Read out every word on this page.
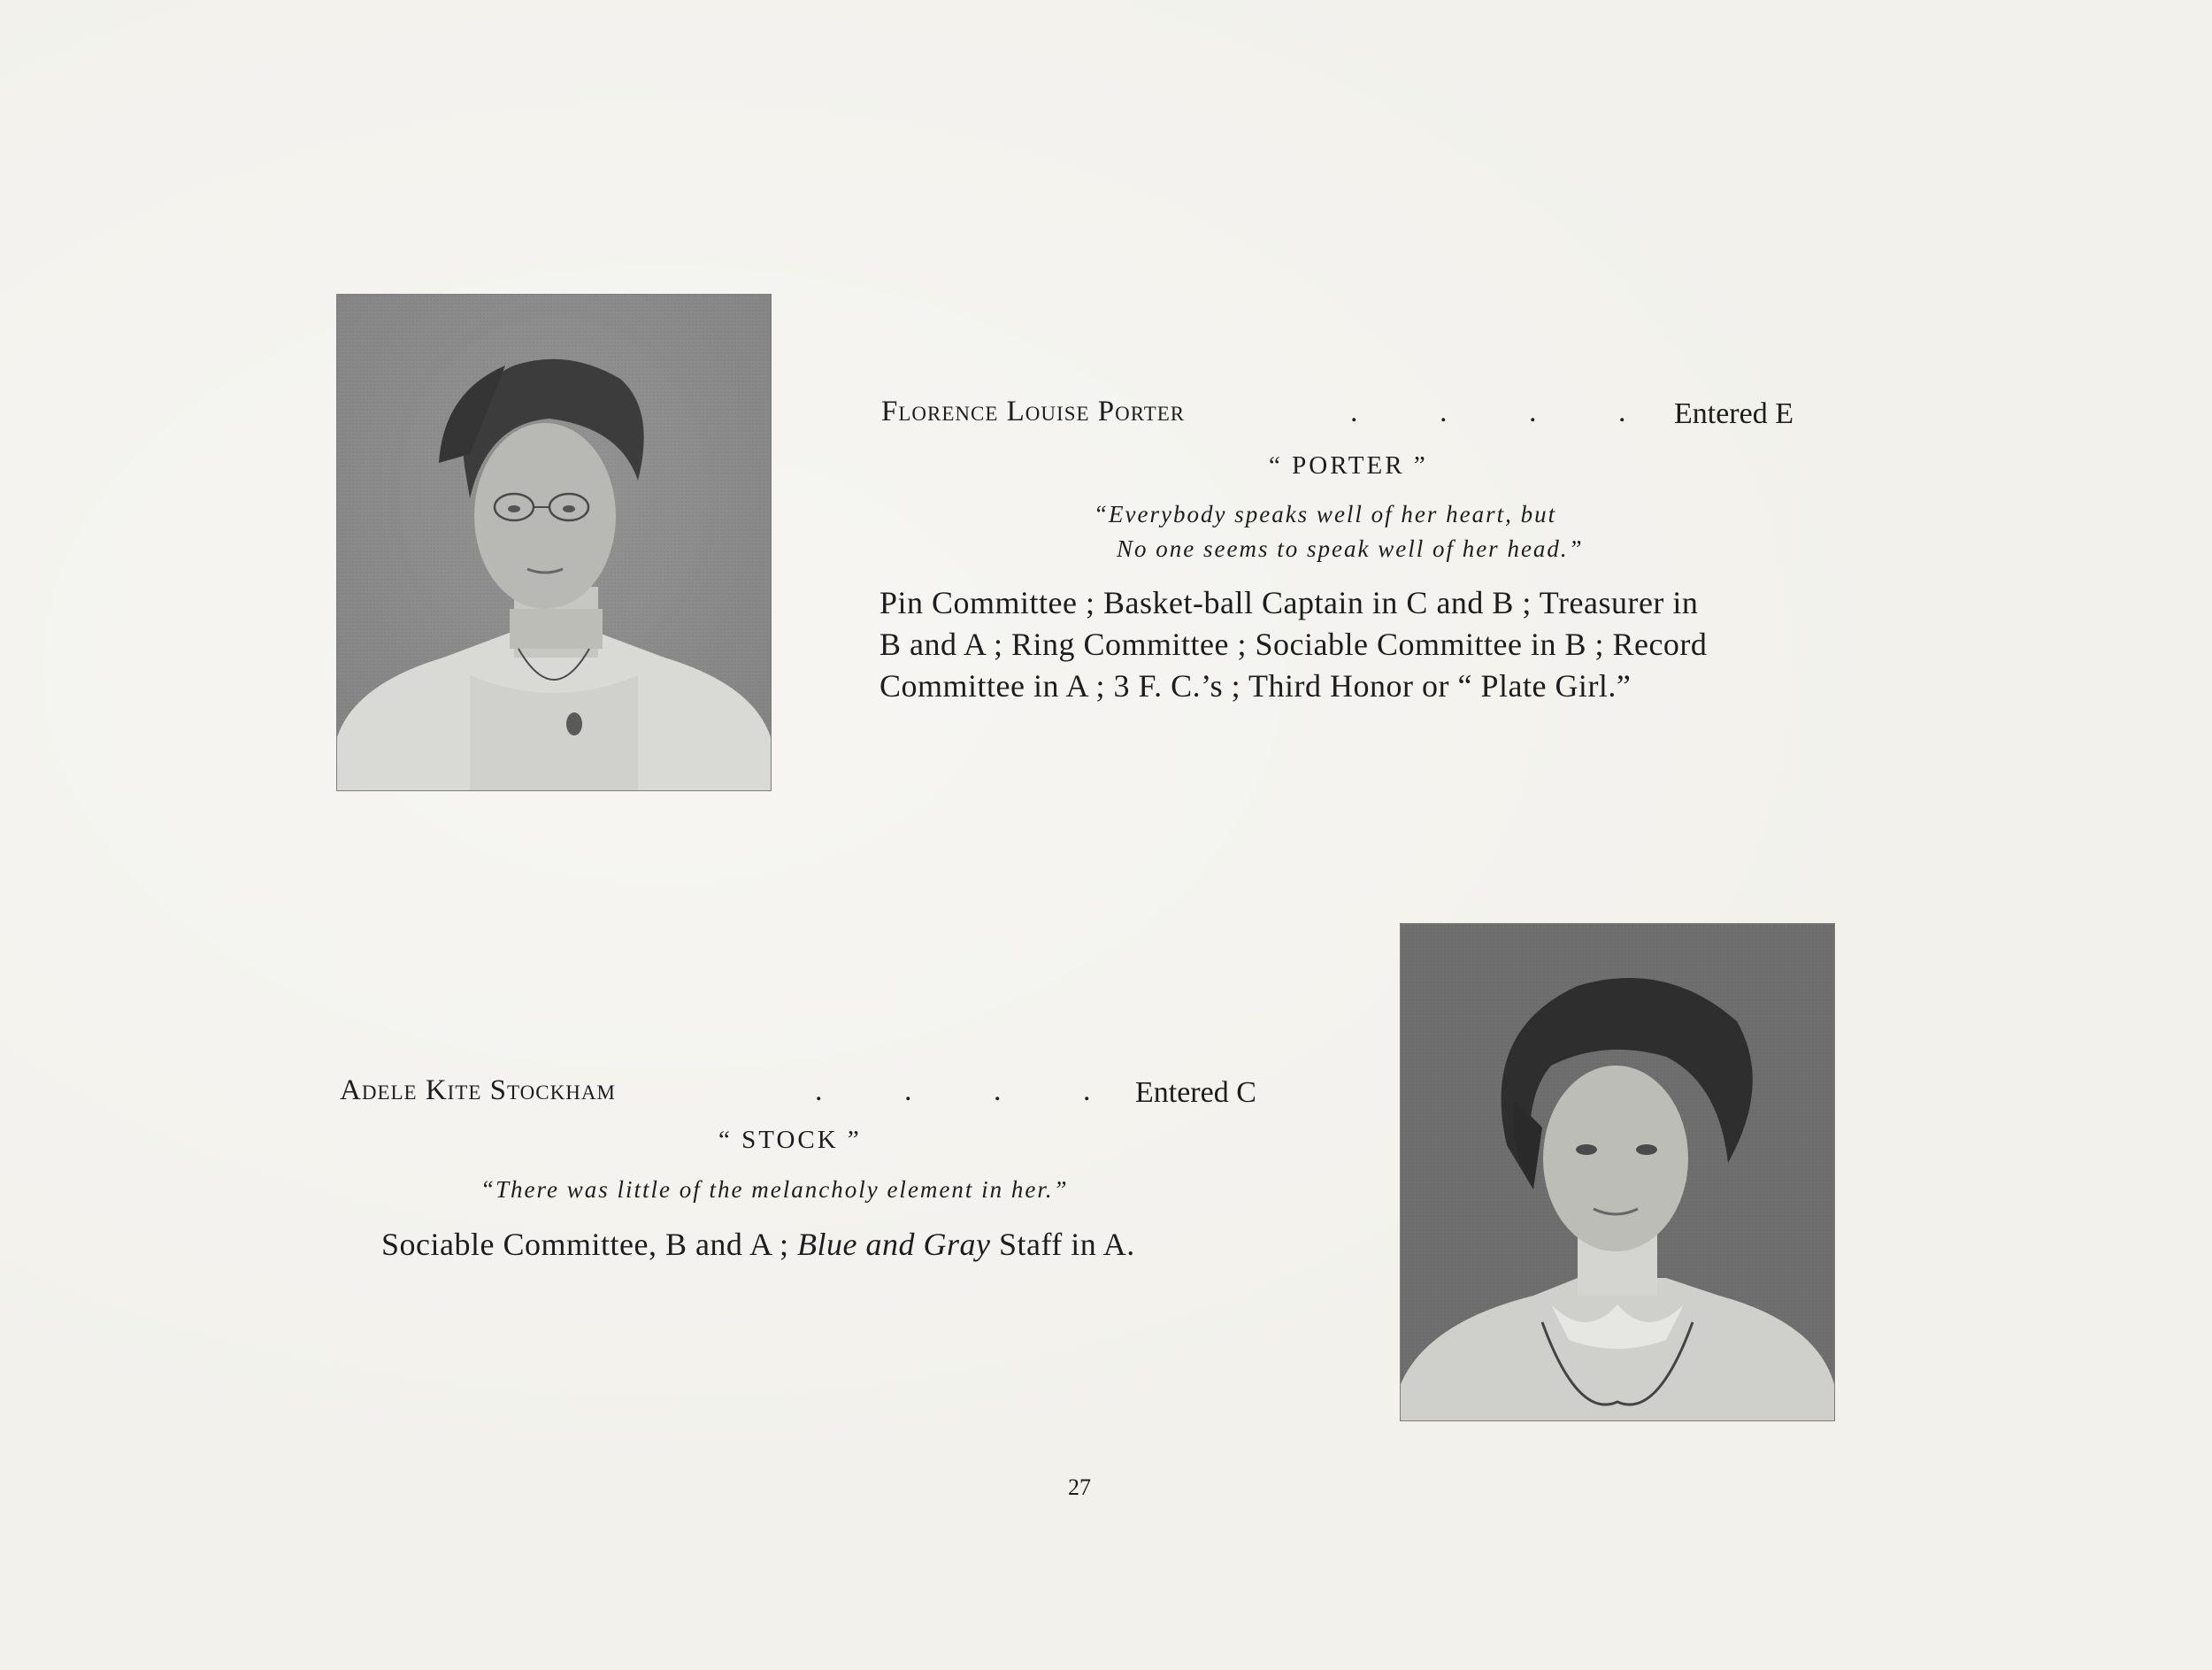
Florence Louise Porter	. . . . Entered E
“ PORTER ”
“Everybody speaks well of her heart, but
No one seems to speak well of her head.”
Pin Committee ; Basket-ball Captain in C and B ; Treasurer in
B and A ; Ring Committee ; Sociable Committee in B ; Record
Committee in A ; 3 F. C.’s ; Third Honor or “ Plate Girl.”
Adele Kite Stockham	. . . . Entered C
“ STOCK ”
“There was little of the melancholy element in her.”
Sociable Committee, B and A ; Blue and Gray Staff in A.
27
